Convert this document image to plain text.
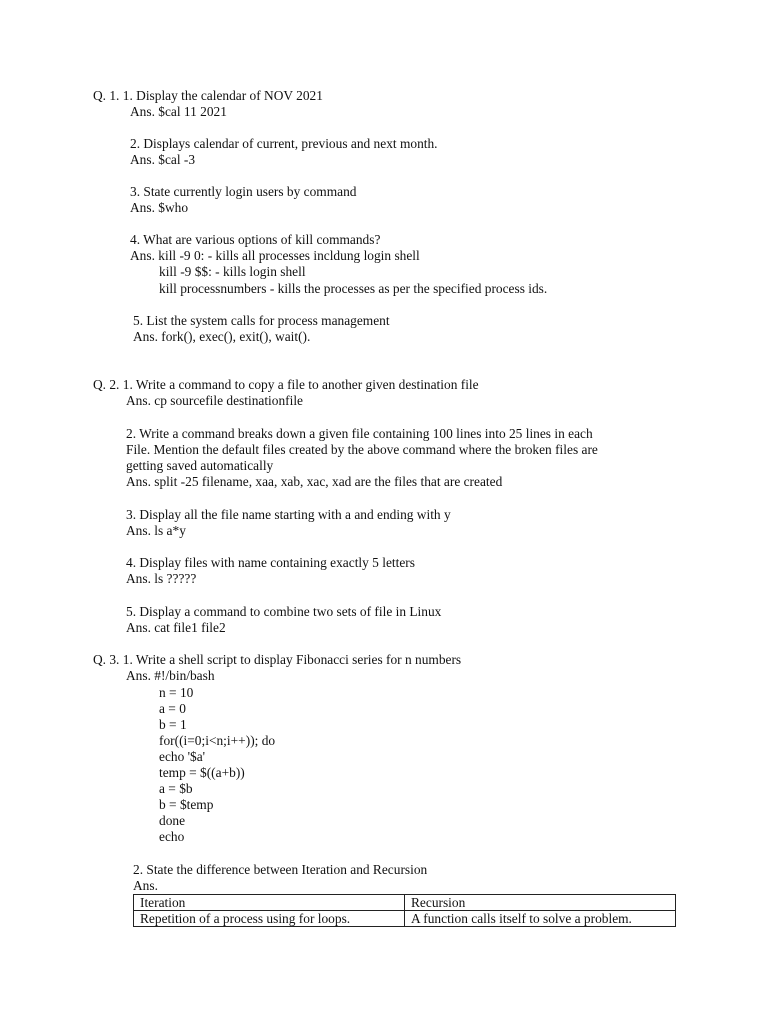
Q. 1. 1. Display the calendar of NOV 2021
Ans. $cal 11 2021
2. Displays calendar of current, previous and next month.
Ans. $cal -3
3. State currently login users by command
Ans. $who
4. What are various options of kill commands?
Ans. kill -9 0: - kills all processes incldung login shell
kill -9 $$: - kills login shell
kill processnumbers - kills the processes as per the specified process ids.
5. List the system calls for process management
Ans. fork(), exec(), exit(), wait().
Q. 2. 1. Write a command to copy a file to another given destination file
Ans. cp sourcefile destinationfile
2. Write a command breaks down a given file containing 100 lines into 25 lines in each
File. Mention the default files created by the above command where the broken files are
getting saved automatically
Ans. split -25 filename, xaa, xab, xac, xad are the files that are created
3. Display all the file name starting with a and ending with y
Ans. ls a*y
4. Display files with name containing exactly 5 letters
Ans. ls ?????
5. Display a command to combine two sets of file in Linux
Ans. cat file1 file2
Q. 3. 1. Write a shell script to display Fibonacci series for n numbers
Ans. #!/bin/bash
n = 10
a = 0
b = 1
for((i=0;i<n;i++)); do
echo '$a'
temp = $((a+b))
a = $b
b = $temp
done
echo
2. State the difference between Iteration and Recursion
Ans.
Iteration	Recursion
Repetition of a process using for loops.	A function calls itself to solve a problem.
